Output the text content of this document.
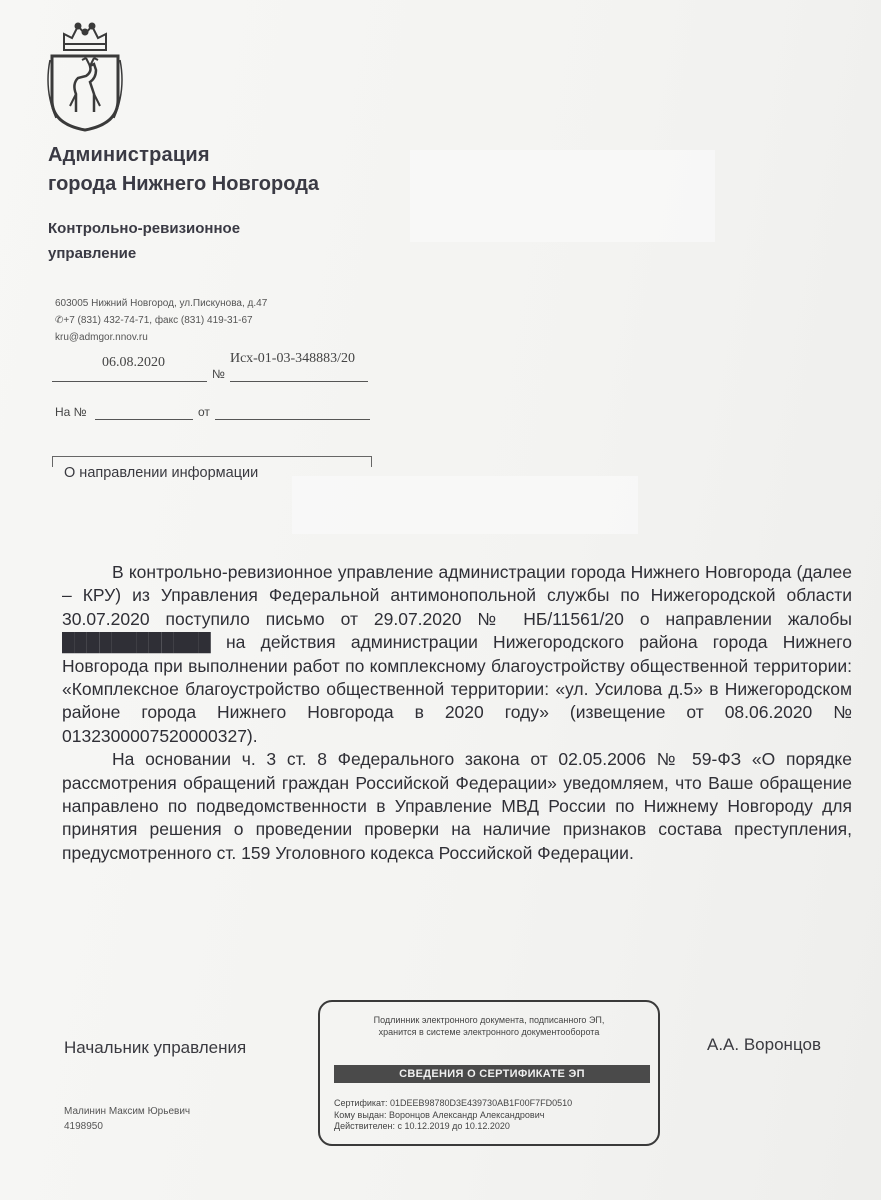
Администрация
города Нижнего Новгорода
Контрольно-ревизионное
управление
603005 Нижний Новгород, ул.Пискунова, д.47
✆+7 (831) 432-74-71, факс (831) 419-31-67
kru@admgor.nnov.ru
06.08.2020
№
Исх-01-03-348883/20
На №	от
О направлении информации

В контрольно-ревизионное управление администрации города Нижнего Новгорода (далее – КРУ) из Управления Федеральной антимонопольной службы по Нижегородской области 30.07.2020 поступило письмо от 29.07.2020 № НБ/11561/20 о направлении жалобы ████████████ на действия администрации Нижегородского района города Нижнего Новгорода при выполнении работ по комплексному благоустройству общественной территории: «Комплексное благоустройство общественной территории: «ул. Усилова д.5» в Нижегородском районе города Нижнего Новгорода в 2020 году» (извещение от 08.06.2020 № 0132300007520000327).

На основании ч. 3 ст. 8 Федерального закона от 02.05.2006 № 59-ФЗ «О порядке рассмотрения обращений граждан Российской Федерации» уведомляем, что Ваше обращение направлено по подведомственности в Управление МВД России по Нижнему Новгороду для принятия решения о проведении проверки на наличие признаков состава преступления, предусмотренного ст. 159 Уголовного кодекса Российской Федерации.

Начальник управления	А.А. Воронцов
Подлинник электронного документа, подписанного ЭП,
хранится в системе электронного документооборота
СВЕДЕНИЯ О СЕРТИФИКАТЕ ЭП
Сертификат: 01DEEB98780D3E439730AB1F00F7FD0510
Кому выдан: Воронцов Александр Александрович
Действителен: с 10.12.2019 до 10.12.2020
Малинин Максим Юрьевич
4198950
